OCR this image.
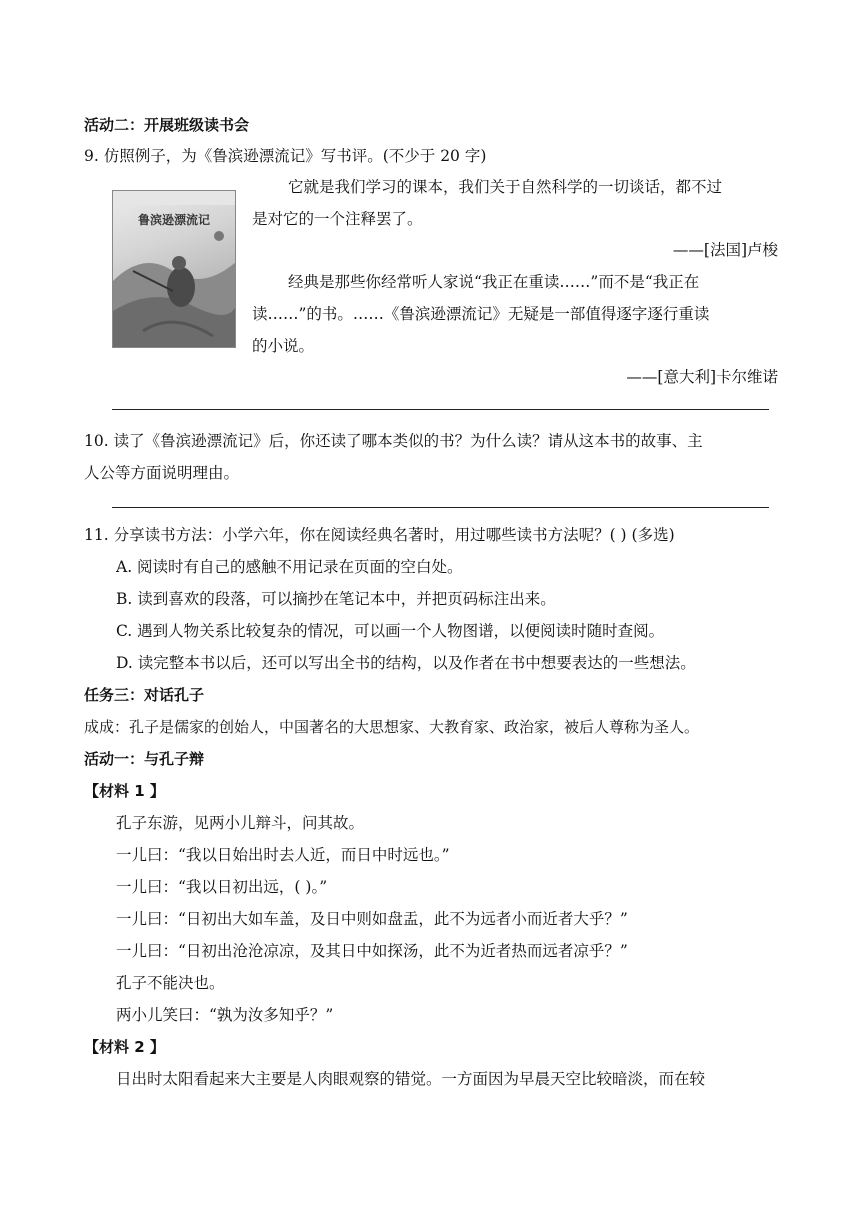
活动二：开展班级读书会
9. 仿照例子，为《鲁滨逊漂流记》写书评。(不少于 20 字)
鲁滨逊漂流记
它就是我们学习的课本，我们关于自然科学的一切谈话，都不过
是对它的一个注释罢了。
——[法国]卢梭
经典是那些你经常听人家说“我正在重读……”而不是“我正在
读……”的书。……《鲁滨逊漂流记》无疑是一部值得逐字逐行重读
的小说。
——[意大利]卡尔维诺
10. 读了《鲁滨逊漂流记》后，你还读了哪本类似的书？为什么读？请从这本书的故事、主
人公等方面说明理由。
11. 分享读书方法：小学六年，你在阅读经典名著时，用过哪些读书方法呢？( ) (多选)
A. 阅读时有自己的感触不用记录在页面的空白处。
B. 读到喜欢的段落，可以摘抄在笔记本中，并把页码标注出来。
C. 遇到人物关系比较复杂的情况，可以画一个人物图谱，以便阅读时随时查阅。
D. 读完整本书以后，还可以写出全书的结构，以及作者在书中想要表达的一些想法。
任务三：对话孔子
成成：孔子是儒家的创始人，中国著名的大思想家、大教育家、政治家，被后人尊称为圣人。
活动一：与孔子辩
【材料 1 】
孔子东游，见两小儿辩斗，问其故。
一儿曰：“我以日始出时去人近，而日中时远也。”
一儿曰：“我以日初出远，( )。”
一儿曰：“日初出大如车盖，及日中则如盘盂，此不为远者小而近者大乎？”
一儿曰：“日初出沧沧凉凉，及其日中如探汤，此不为近者热而远者凉乎？”
孔子不能决也。
两小儿笑曰：“孰为汝多知乎？”
【材料 2 】
日出时太阳看起来大主要是人肉眼观察的错觉。一方面因为早晨天空比较暗淡，而在较
